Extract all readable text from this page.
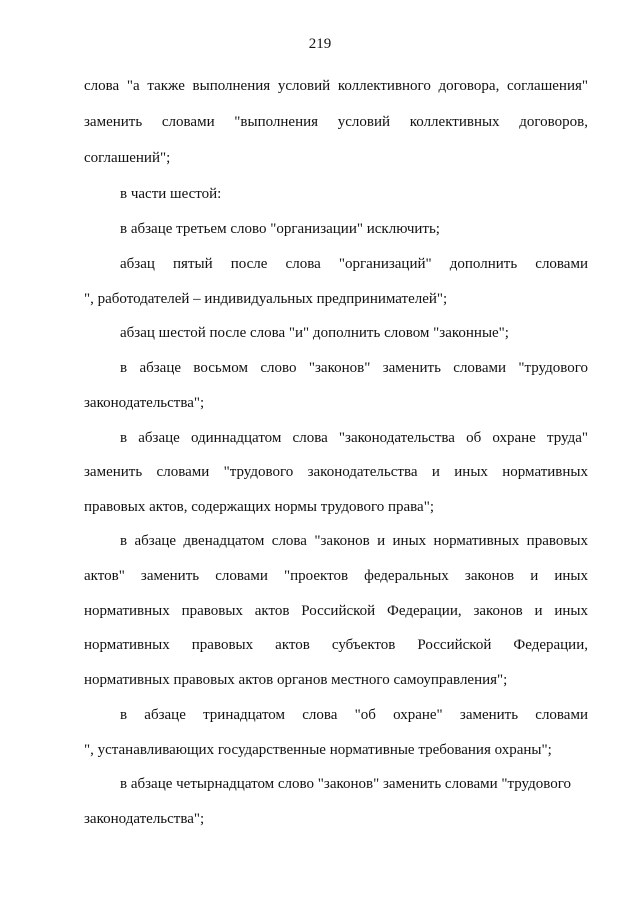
219
слова "а также выполнения условий коллективного договора, соглашения"
заменить словами "выполнения условий коллективных договоров,
соглашений";
в части шестой:
в абзаце третьем слово "организации" исключить;
абзац пятый после слова "организаций" дополнить словами
", работодателей – индивидуальных предпринимателей";
абзац шестой после слова "и" дополнить словом "законные";
в абзаце восьмом слово "законов" заменить словами "трудового
законодательства";
в абзаце одиннадцатом слова "законодательства об охране труда"
заменить словами "трудового законодательства и иных нормативных
правовых актов, содержащих нормы трудового права";
в абзаце двенадцатом слова "законов и иных нормативных правовых
актов" заменить словами "проектов федеральных законов и иных
нормативных правовых актов Российской Федерации, законов и иных
нормативных правовых актов субъектов Российской Федерации,
нормативных правовых актов органов местного самоуправления";
в абзаце тринадцатом слова "об охране" заменить словами
", устанавливающих государственные нормативные требования охраны";
в абзаце четырнадцатом слово "законов" заменить словами "трудового
законодательства";
